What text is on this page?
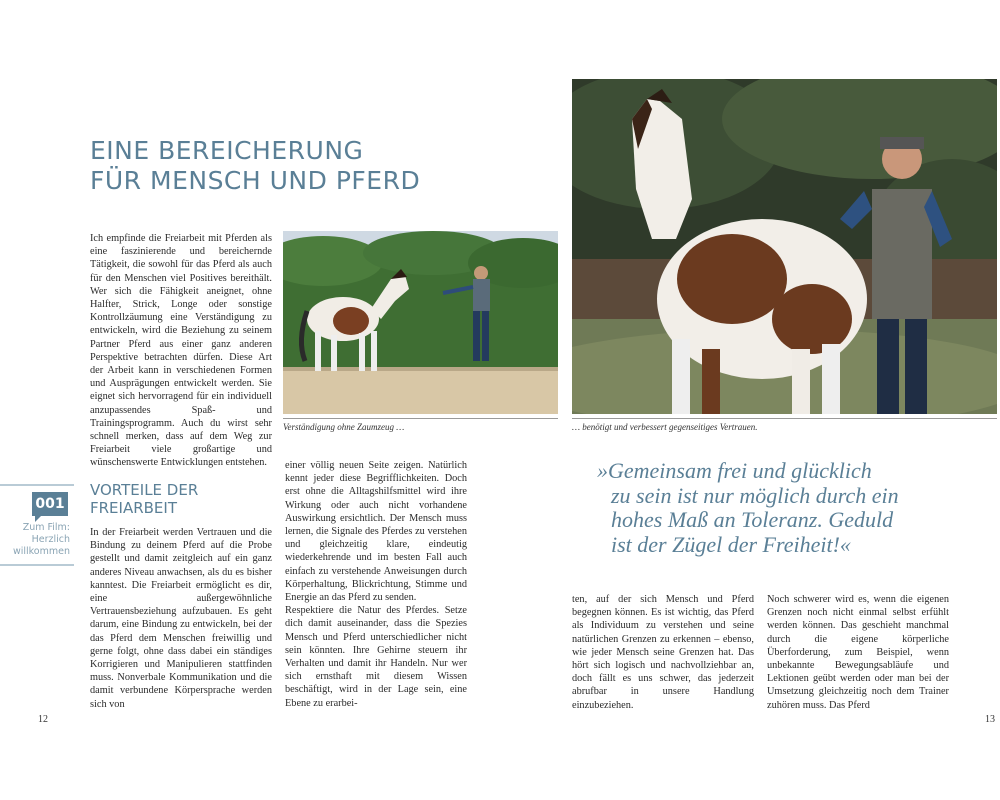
EINE BEREICHERUNG
FÜR MENSCH UND PFERD

Ich empfinde die Freiarbeit mit Pferden als eine faszinierende und bereichernde Tätigkeit, die sowohl für das Pferd als auch für den Menschen viel Positives bereithält. Wer sich die Fähigkeit aneignet, ohne Halfter, Strick, Longe oder sonstige Kontrollzäumung eine Verständigung zu entwickeln, wird die Beziehung zu seinem Partner Pferd aus einer ganz anderen Perspektive betrachten dürfen. Diese Art der Arbeit kann in verschiedenen Formen und Ausprägungen entwickelt werden. Sie eignet sich hervorragend für ein individuell anzupassendes Spaß- und Trainingsprogramm. Auch du wirst sehr schnell merken, dass auf dem Weg zur Freiarbeit viele großartige und wünschenswerte Entwicklungen entstehen.

Verständigung ohne Zaumzeug …
001
Zum Film:
Herzlich
willkommen
VORTEILE DER
FREIARBEIT

In der Freiarbeit werden Vertrauen und die Bindung zu deinem Pferd auf die Probe gestellt und damit zeitgleich auf ein ganz anderes Niveau anwachsen, als du es bisher kanntest. Die Freiarbeit ermöglicht es dir, eine außergewöhnliche Vertrauensbeziehung aufzubauen. Es geht darum, eine Bindung zu entwickeln, bei der das Pferd dem Menschen freiwillig und gerne folgt, ohne dass dabei ein ständiges Korrigieren und Manipulieren stattfinden muss. Nonverbale Kommunikation und die damit verbundene Körpersprache werden sich von

einer völlig neuen Seite zeigen. Natürlich kennt jeder diese Begrifflichkeiten. Doch erst ohne die Alltagshilfsmittel wird ihre Wirkung oder auch nicht vorhandene Auswirkung ersichtlich. Der Mensch muss lernen, die Signale des Pferdes zu verstehen und gleichzeitig klare, eindeutig wiederkehrende und im besten Fall auch einfach zu verstehende Anweisungen durch Körperhaltung, Blickrichtung, Stimme und Energie an das Pferd zu senden.

Respektiere die Natur des Pferdes. Setze dich damit auseinander, dass die Spezies Mensch und Pferd unterschiedlicher nicht sein könnten. Ihre Gehirne steuern ihr Verhalten und damit ihr Handeln. Nur wer sich ernsthaft mit diesem Wissen beschäftigt, wird in der Lage sein, eine Ebene zu erarbei-

12
… benötigt und verbessert gegenseitiges Vertrauen.
»Gemeinsam frei und glücklich
zu sein ist nur möglich durch ein
hohes Maß an Toleranz. Geduld
ist der Zügel der Freiheit!«

ten, auf der sich Mensch und Pferd begegnen können. Es ist wichtig, das Pferd als Individuum zu verstehen und seine natürlichen Grenzen zu erkennen – ebenso, wie jeder Mensch seine Grenzen hat. Das hört sich logisch und nachvollziehbar an, doch fällt es uns schwer, das jederzeit abrufbar in unsere Handlung einzubeziehen.

Noch schwerer wird es, wenn die eigenen Grenzen noch nicht einmal selbst erfühlt werden können. Das geschieht manchmal durch die eigene körperliche Überforderung, zum Beispiel, wenn unbekannte Bewegungsabläufe und Lektionen geübt werden oder man bei der Umsetzung gleichzeitig noch dem Trainer zuhören muss. Das Pferd

13
